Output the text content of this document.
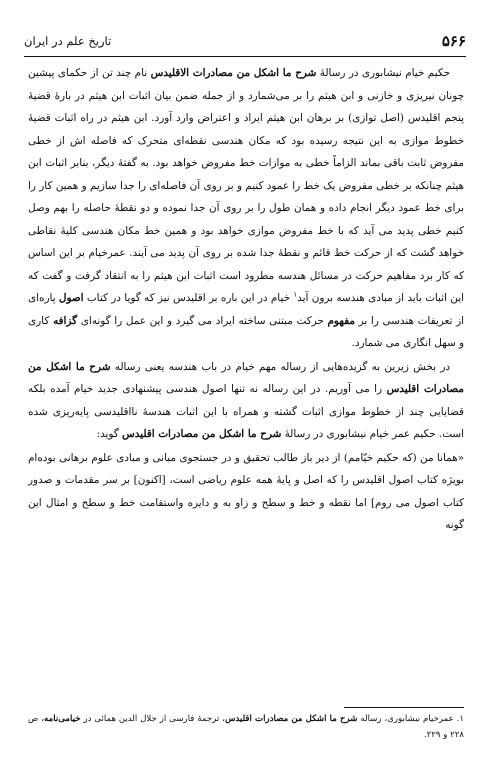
۵۶۶
تاریخ علم در ایران

حکیم خیام نیشابوری در رسالهٔ شرح ما اشکل من مصادرات الاقلیدس نام چند تن از حکمای پیشین چونان نیریزی و خازنی و ابن هیثم را بر می‌شمارد و از جمله ضمن بیان اثبات ابن هیثم در بارهٔ قضیهٔ پنجم اقلیدس (اصل توازی) بر برهان ابن هیثم ایراد و اعتراض وارد آورد. ابن هیثم در راه اثبات قضیهٔ خطوط موازی به این نتیجه رسیده بود که مکان هندسی نقطه‌ای متحرک که فاصله اش از خطی مفروض ثابت باقی بماند الزاماً خطی به موازات خط مفروض خواهد بود. به گفتهٔ دیگر، بنابر اثبات ابن هیثم چنانکه بر خطی مفروض یک خط را عمود کنیم و بر روی آن فاصله‌ای را جدا سازیم و همین کار را برای خط عمود دیگر انجام داده و همان طول را بر روی آن جدا نموده و دو نقطهٔ حاصله را بهم وصل کنیم خطی پدید می آید که با خط مفروض موازی خواهد بود و همین خط مکان هندسی کلیهٔ نقاطی خواهد گشت که از حرکت خط قائم و نقطهٔ جدا شده بر روی آن پدید می آیند. عمرخیام بر این اساس که کار برد مفاهیم حرکت در مسائل هندسه مطرود است اثبات ابن هیثم را به انتقاد گرفت و گفت که این اثبات باید از مبادی هندسه برون آید$^۱$ خیام در این باره بر اقلیدس نیز که گویا در کتاب اصول پاره‌ای از تعریفات هندسی را بر مفهوم حرکت مبتنی ساخته ایراد می گیرد و این عمل را گونه‌ای گزافه کاری و سهل انگاری می شمارد.

در بخش زیرین به گزیده‌هایی از رساله مهم خیام در باب هندسه یعنی رساله شرح ما اشکل من مصادرات اقلیدس را می آوریم. در این رساله نه تنها اصول هندسی پیشنهادی جدید خیام آمده بلکه قضایایی چند از خطوط موازی اثبات گشته و همراه با این اثبات هندسهٔ نااقلیدسی پایه‌ریزی شده است. حکیم عمر خیام نیشابوری در رسالهٔ شرح ما اشکل من مصادرات اقلیدس گوید:

«همانا من (که حکیم خیّامم) از دیر باز طالب تحقیق و در جستجوی مبانی و مبادی علوم برهانی بوده‌ام بویژه کتاب اصول اقلیدس را که اصل و پایهٔ همه علوم ریاضی است، [اکنون] بر سر مقدمات و صدور کتاب اصول می روم] اما نقطه و خط و سطح و زاو به و دایره واستقامت خط و سطح و امثال این گونه

۱. عمرخیام نیشابوری، رساله شرح ما اشکل من مصادرات اقلیدس، ترجمهٔ فارسی از جلال‌ الدین همائی در خیامی‌نامه، ص ۲۲۸ و ۲۲۹.
